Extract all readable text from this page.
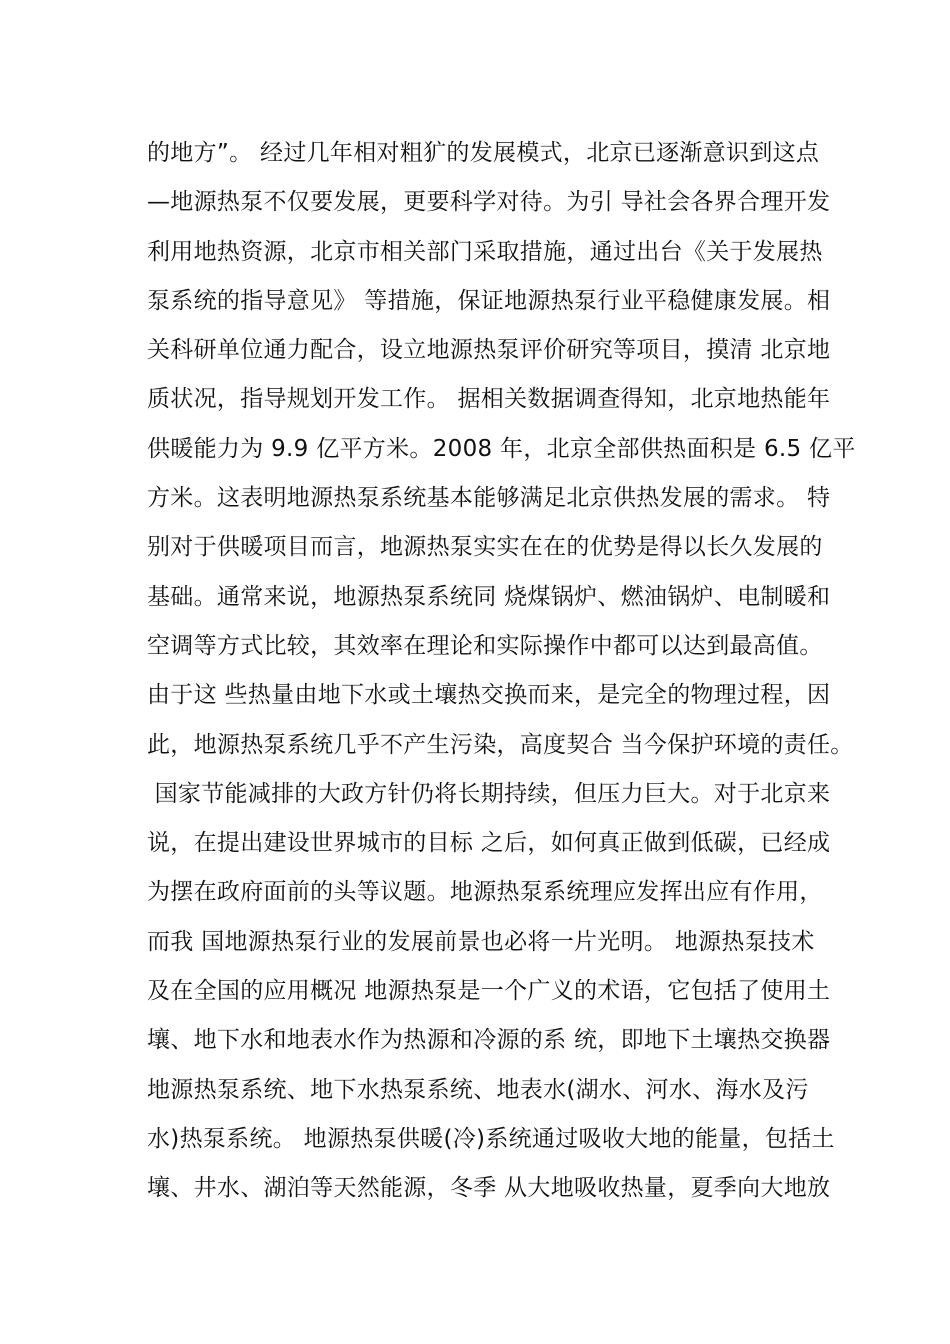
的地方”。 经过几年相对粗犷的发展模式，北京已逐渐意识到这点
—地源热泵不仅要发展，更要科学对待。为引 导社会各界合理开发
利用地热资源，北京市相关部门采取措施，通过出台《关于发展热
泵系统的指导意见》 等措施，保证地源热泵行业平稳健康发展。相
关科研单位通力配合，设立地源热泵评价研究等项目，摸清 北京地
质状况，指导规划开发工作。 据相关数据调查得知，北京地热能年
供暖能力为 9.9 亿平方米。2008 年，北京全部供热面积是 6.5 亿平
方米。这表明地源热泵系统基本能够满足北京供热发展的需求。 特
别对于供暖项目而言，地源热泵实实在在的优势是得以长久发展的
基础。通常来说，地源热泵系统同 烧煤锅炉、燃油锅炉、电制暖和
空调等方式比较，其效率在理论和实际操作中都可以达到最高值。
由于这 些热量由地下水或土壤热交换而来，是完全的物理过程，因
此，地源热泵系统几乎不产生污染，高度契合 当今保护环境的责任。
国家节能减排的大政方针仍将长期持续，但压力巨大。对于北京来
说，在提出建设世界城市的目标 之后，如何真正做到低碳，已经成
为摆在政府面前的头等议题。地源热泵系统理应发挥出应有作用，
而我 国地源热泵行业的发展前景也必将一片光明。 地源热泵技术
及在全国的应用概况 地源热泵是一个广义的术语，它包括了使用土
壤、地下水和地表水作为热源和冷源的系 统，即地下土壤热交换器
地源热泵系统、地下水热泵系统、地表水(湖水、河水、海水及污
水)热泵系统。 地源热泵供暖(冷)系统通过吸收大地的能量，包括土
壤、井水、湖泊等天然能源，冬季 从大地吸收热量，夏季向大地放
